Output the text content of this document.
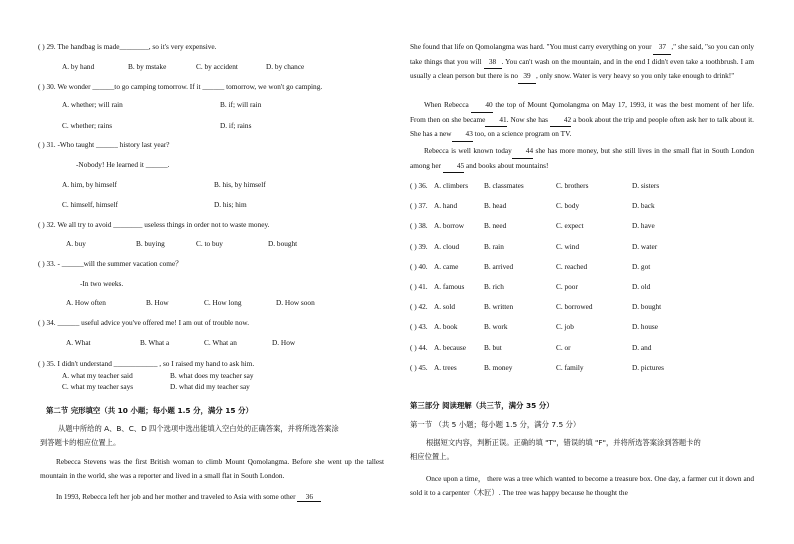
( ) 29. The handbag is made________, so it's very expensive.
A. by hand	B. by mstake	C. by accident	D. by chance
( ) 30. We wonder ______to go camping tomorrow. If it ______ tomorrow, we won't go camping.
A. whether; will rain	B. if; will rain
C. whether; rains	D. if; rains
( ) 31. -Who taught ______ history last year?
-Nobody! He learned it ______.
A. him, by himself	B. his, by himself
C. himself, himself	D. his; him
( ) 32. We all try to avoid ________ useless things in order not to waste money.
A. buy	B. buying	C. to buy	D. bought
( ) 33. - ______will the summer vacation come？
-In two weeks.
A. How often	B. How	C. How long	D. How soon
( ) 34. ______ useful advice you've offered me! I am out of trouble now.
A. What	B. What a	C. What an	D. How
( ) 35. I didn't understand ____________ , so I raised my hand to ask him.
A. what my teacher said	B. what does my teacher say
C. what my teacher says	D. what did my teacher say
第二节 完形填空（共 10 小题；每小题 1.5 分，满分 15 分）
从题中所给的 A、B、C、D 四个选项中选出能填入空白处的正确答案，并将所选答案涂
到答题卡的相应位置上。
Rebecca Stevens was the first British woman to climb Mount Qomolangma. Before she went up the tallest mountain in the world, she was a reporter and lived in a small flat in South London.
In 1993, Rebecca left her job and her mother and traveled to Asia with some other 36
She found that life on Qomolangma was hard. "You must carry everything on your 37 ," she said, "so you can only take things that you will 38 . You can't wash on the mountain, and in the end I didn't even take a toothbrush. I am usually a clean person but there is no 39 , only snow. Water is very heavy so you only take enough to drink!"
When Rebecca 40 the top of Mount Qomolangma on May 17, 1993, it was the best moment of her life. From then on she became 41. Now she has 42 a book about the trip and people often ask her to talk about it. She has a new 43 too, on a science program on TV.
Rebecca is well known today 44 she has more money, but she still lives in the small flat in South London among her 45 and books about mountains!
( ) 36. A. climbers B. classmates	C. brothers	D. sisters
( ) 37. A. hand	B. head	C. body	D. back
( ) 38. A. borrow	B. need	C. expect	D. have
( ) 39. A. cloud	B. rain	C. wind	D. water
( ) 40. A. came	B. arrived	C. reached	D. got
( ) 41. A. famous	B. rich	C. poor	D. old
( ) 42. A. sold	B. written	C. borrowed	D. bought
( ) 43. A. book	B. work	C. job	D. house
( ) 44. A. because B. but	C. or	D. and
( ) 45. A. trees	B. money	C. family	D. pictures
第三部分 阅读理解（共三节，满分 35 分）
第一节 （共 5 小题；每小题 1.5 分，满分 7.5 分）
根据短文内容，判断正误。正确的填 "T"，错误的填 "F"，并将所选答案涂到答题卡的
相应位置上。
Once upon a time， there was a tree which wanted to become a treasure box. One day, a farmer cut it down and sold it to a carpenter（木匠）. The tree was happy because he thought the
